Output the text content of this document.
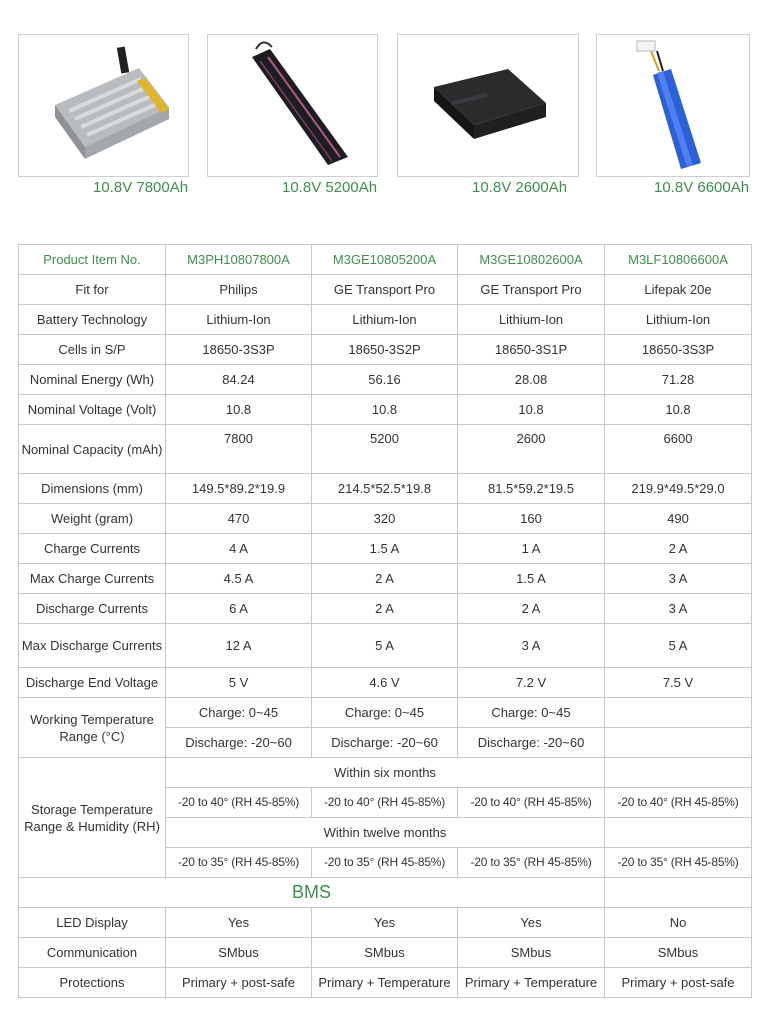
10.8V 7800Ah	10.8V 5200Ah	10.8V 2600Ah	10.8V 6600Ah
Product Item No.	M3PH10807800A	M3GE10805200A	M3GE10802600A	M3LF10806600A
Fit for	Philips	GE Transport Pro	GE Transport Pro	Lifepak 20e
Battery Technology	Lithium-Ion	Lithium-Ion	Lithium-Ion	Lithium-Ion
Cells in S/P	18650-3S3P	18650-3S2P	18650-3S1P	18650-3S3P
Nominal Energy (Wh)	84.24	56.16	28.08	71.28
Nominal Voltage (Volt)	10.8	10.8	10.8	10.8
Nominal Capacity (mAh)	7800	5200	2600	6600
Dimensions (mm)	149.5*89.2*19.9	214.5*52.5*19.8	81.5*59.2*19.5	219.9*49.5*29.0
Weight (gram)	470	320	160	490
Charge Currents	4 A	1.5 A	1 A	2 A
Max Charge Currents	4.5 A	2 A	1.5 A	3 A
Discharge Currents	6 A	2 A	2 A	3 A
Max Discharge Currents	12 A	5 A	3 A	5 A
Discharge End Voltage	5 V	4.6 V	7.2 V	7.5 V
Working Temperature Range (°C)	Charge: 0~45	Charge: 0~45	Charge: 0~45	
	Discharge: -20~60	Discharge: -20~60	Discharge: -20~60	
Storage Temperature Range & Humidity (RH)	Within six months			
	-20 to 40° (RH 45-85%)	-20 to 40° (RH 45-85%)	-20 to 40° (RH 45-85%)	-20 to 40° (RH 45-85%)
	Within twelve months			
	-20 to 35° (RH 45-85%)	-20 to 35° (RH 45-85%)	-20 to 35° (RH 45-85%)	-20 to 35° (RH 45-85%)
BMS				
LED Display	Yes	Yes	Yes	No
Communication	SMbus	SMbus	SMbus	SMbus
Protections	Primary + post-safe	Primary + Temperature	Primary + Temperature	Primary + post-safe
